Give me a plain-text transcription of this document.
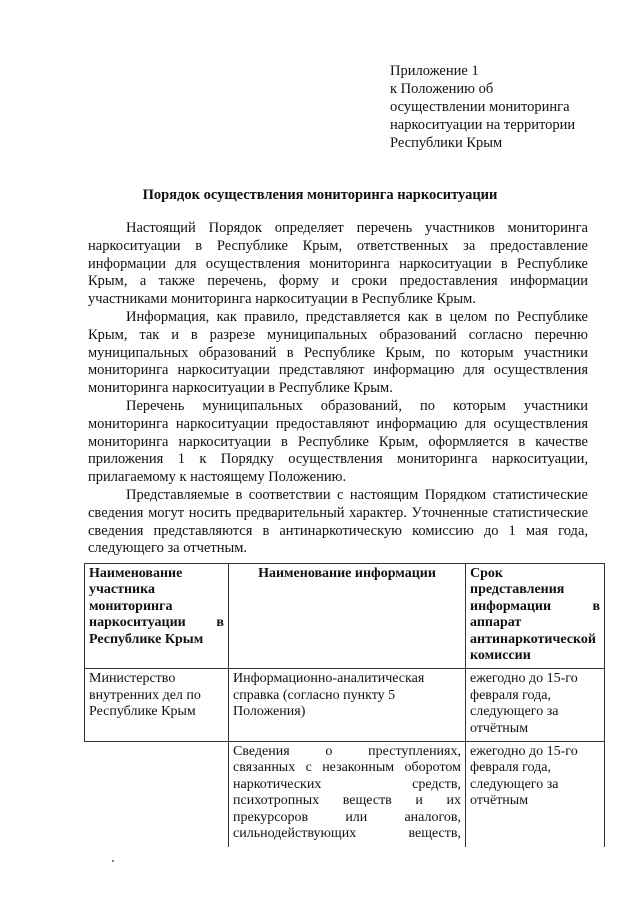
Приложение 1
к Положению об
осуществлении мониторинга
наркоситуации на территории
Республики Крым
Порядок осуществления мониторинга наркоситуации

Настоящий Порядок определяет перечень участников мониторинга наркоситуации в Республике Крым, ответственных за предоставление информации для осуществления мониторинга наркоситуации в Республике Крым, а также перечень, форму и сроки предоставления информации участниками мониторинга наркоситуации в Республике Крым.

Информация, как правило, представляется как в целом по Республике Крым, так и в разрезе муниципальных образований согласно перечню муниципальных образований в Республике Крым, по которым участники мониторинга наркоситуации представляют информацию для осуществления мониторинга наркоситуации в Республике Крым.

Перечень муниципальных образований, по которым участники мониторинга наркоситуации предоставляют информацию для осуществления мониторинга наркоситуации в Республике Крым, оформляется в качестве приложения 1 к Порядку осуществления мониторинга наркоситуации, прилагаемому к настоящему Положению.

Представляемые в соответствии с настоящим Порядком статистические сведения могут носить предварительный характер. Уточненные статистические сведения представляются в антинаркотическую комиссию до 1 мая года, следующего за отчетным.

Наименование участника мониторинга наркоситуации в Республике Крым	Наименование информации	Срок представления информации в аппарат антинаркотической комиссии
Министерство внутренних дел по Республике Крым	Информационно-аналитическая справка (согласно пункту 5 Положения)	ежегодно до 15-го февраля года, следующего за отчётным
	Сведения о преступлениях, связанных с незаконным оборотом наркотических средств, психотропных веществ и их прекурсоров или аналогов, сильнодействующих веществ,	ежегодно до 15-го февраля года, следующего за отчётным
